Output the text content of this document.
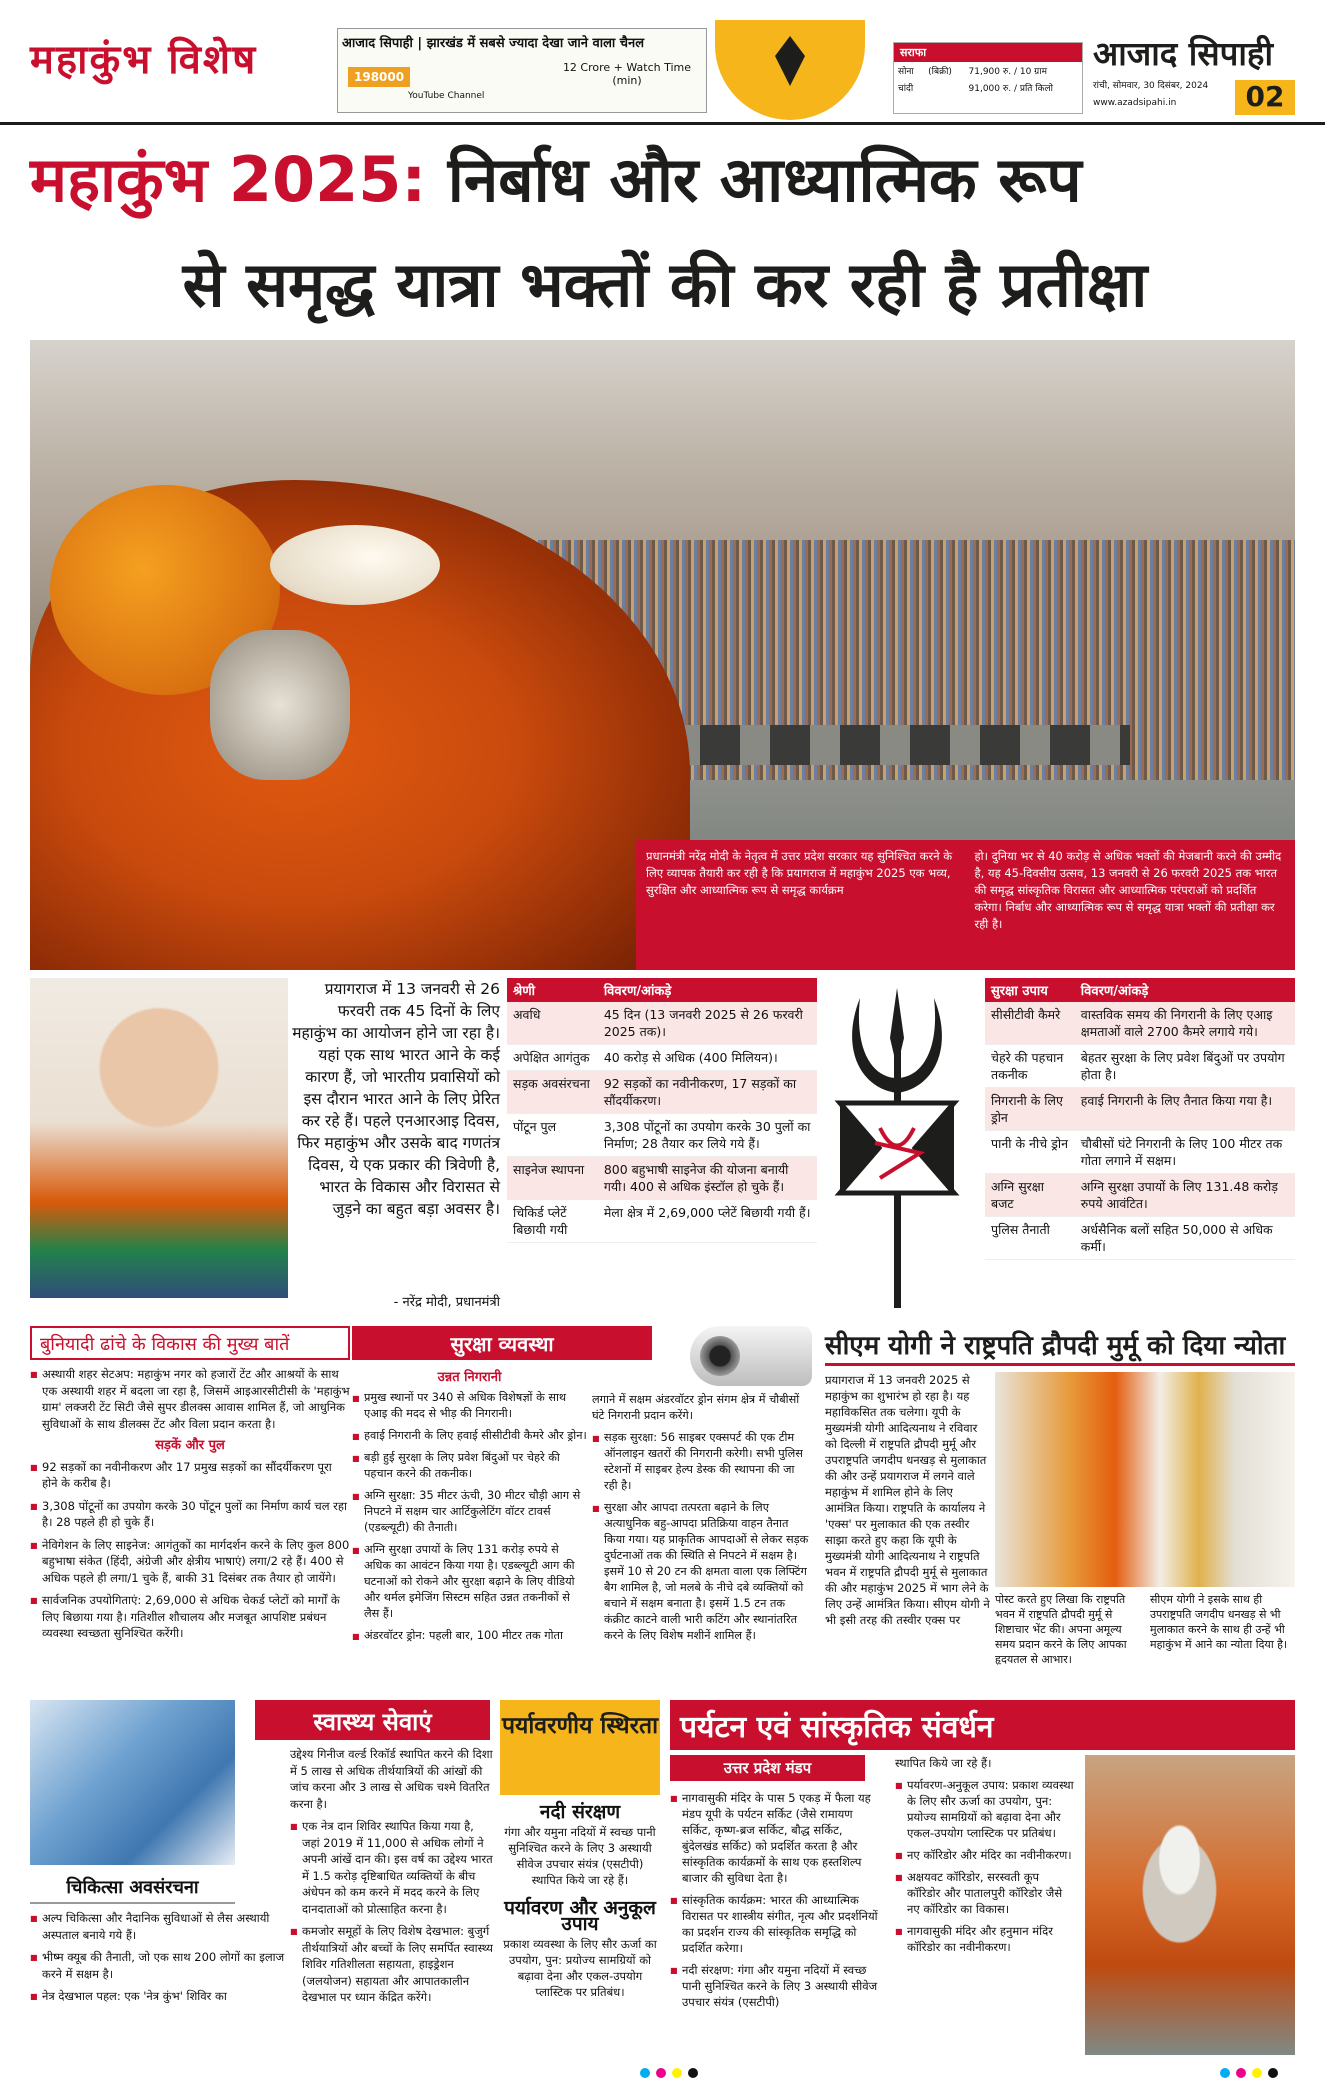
महाकुंभ विशेष	आजाद सिपाही | झारखंड में सबसे ज्यादा देखा जाने वाला चैनल
198000
12 Crore + Watch Time (min)
YouTube Channel
सराफा
सोना	(बिक्री)	71,900 रु. / 10 ग्राम
चांदी		91,000 रु. / प्रति किलो
आजाद सिपाही
रांची, सोमवार, 30 दिसंबर, 2024
www.azadsipahi.in	02
महाकुंभ 2025: निर्बाध और आध्यात्मिक रूप
से समृद्ध यात्रा भक्तों की कर रही है प्रतीक्षा
प्रधानमंत्री नरेंद्र मोदी के नेतृत्व में उत्तर प्रदेश सरकार यह सुनिश्चित करने के लिए व्यापक तैयारी कर रही है कि प्रयागराज में महाकुंभ 2025 एक भव्य, सुरक्षित और आध्यात्मिक रूप से समृद्ध कार्यक्रम
हो। दुनिया भर से 40 करोड़ से अधिक भक्तों की मेजबानी करने की उम्मीद है, यह 45-दिवसीय उत्सव, 13 जनवरी से 26 फरवरी 2025 तक भारत की समृद्ध सांस्कृतिक विरासत और आध्यात्मिक परंपराओं को प्रदर्शित करेगा। निर्बाध और आध्यात्मिक रूप से समृद्ध यात्रा भक्तों की प्रतीक्षा कर रही है।
प्रयागराज में 13 जनवरी से 26 फरवरी तक 45 दिनों के लिए महाकुंभ का आयोजन होने जा रहा है। यहां एक साथ भारत आने के कई कारण हैं, जो भारतीय प्रवासियों को इस दौरान भारत आने के लिए प्रेरित कर रहे हैं। पहले एनआरआइ दिवस, फिर महाकुंभ और उसके बाद गणतंत्र दिवस, ये एक प्रकार की त्रिवेणी है, भारत के विकास और विरासत से जुड़ने का बहुत बड़ा अवसर है।
- नरेंद्र मोदी, प्रधानमंत्री
श्रेणी	विवरण/आंकड़े
अवधि	45 दिन (13 जनवरी 2025 से 26 फरवरी 2025 तक)।
अपेक्षित आगंतुक	40 करोड़ से अधिक (400 मिलियन)।
सड़क अवसंरचना	92 सड़कों का नवीनीकरण, 17 सड़कों का सौंदर्यीकरण।
पोंटून पुल	3,308 पोंटूनों का उपयोग करके 30 पुलों का निर्माण; 28 तैयार कर लिये गये हैं।
साइनेज स्थापना	800 बहुभाषी साइनेज की योजना बनायी गयी। 400 से अधिक इंस्टॉल हो चुके हैं।
चिकिर्ड प्लेटें बिछायी गयी	मेला क्षेत्र में 2,69,000 प्लेटें बिछायी गयी हैं।
सुरक्षा उपाय	विवरण/आंकड़े
सीसीटीवी कैमरे	वास्तविक समय की निगरानी के लिए एआइ क्षमताओं वाले 2700 कैमरे लगाये गये।
चेहरे की पहचान तकनीक	बेहतर सुरक्षा के लिए प्रवेश बिंदुओं पर उपयोग होता है।
निगरानी के लिए ड्रोन	हवाई निगरानी के लिए तैनात किया गया है।
पानी के नीचे ड्रोन	चौबीसों घंटे निगरानी के लिए 100 मीटर तक गोता लगाने में सक्षम।
अग्नि सुरक्षा बजट	अग्नि सुरक्षा उपायों के लिए 131.48 करोड़ रुपये आवंटित।
पुलिस तैनाती	अर्धसैनिक बलों सहित 50,000 से अधिक कर्मी।
बुनियादी ढांचे के विकास की मुख्य बातें
■ अस्थायी शहर सेटअप: महाकुंभ नगर को हजारों टेंट और आश्रयों के साथ एक अस्थायी शहर में बदला जा रहा है, जिसमें आइआरसीटीसी के 'महाकुंभ ग्राम' लक्जरी टेंट सिटी जैसे सुपर डीलक्स आवास शामिल हैं, जो आधुनिक सुविधाओं के साथ डीलक्स टेंट और विला प्रदान करता है।
सड़कें और पुल
■ 92 सड़कों का नवीनीकरण और 17 प्रमुख सड़कों का सौंदर्यीकरण पूरा होने के करीब है।
■ 3,308 पोंटूनों का उपयोग करके 30 पोंटून पुलों का निर्माण कार्य चल रहा है। 28 पहले ही हो चुके हैं।
■ नेविगेशन के लिए साइनेज: आगंतुकों का मार्गदर्शन करने के लिए कुल 800 बहुभाषा संकेत (हिंदी, अंग्रेजी और क्षेत्रीय भाषाएं) लगा/2 रहे हैं। 400 से अधिक पहले ही लगा/1 चुके हैं, बाकी 31 दिसंबर तक तैयार हो जायेंगे।
■ सार्वजनिक उपयोगिताएं: 2,69,000 से अधिक चेकर्ड प्लेटों को मार्गों के लिए बिछाया गया है। गतिशील शौचालय और मजबूत आपशिष्ट प्रबंधन व्यवस्था स्वच्छता सुनिश्चित करेंगी।
सुरक्षा व्यवस्था
उन्नत निगरानी
■ प्रमुख स्थानों पर 340 से अधिक विशेषज्ञों के साथ एआइ की मदद से भीड़ की निगरानी।
■ हवाई निगरानी के लिए हवाई सीसीटीवी कैमरे और ड्रोन।
■ बड़ी हुई सुरक्षा के लिए प्रवेश बिंदुओं पर चेहरे की पहचान करने की तकनीक।
■ अग्नि सुरक्षा: 35 मीटर ऊंची, 30 मीटर चौड़ी आग से निपटने में सक्षम चार आर्टिकुलेटिंग वॉटर टावर्स (एडब्ल्यूटी) की तैनाती।
■ अग्नि सुरक्षा उपायों के लिए 131 करोड़ रुपये से अधिक का आवंटन किया गया है। एडब्ल्यूटी आग की घटनाओं को रोकने और सुरक्षा बढ़ाने के लिए वीडियो और थर्मल इमेजिंग सिस्टम सहित उन्नत तकनीकों से लैस हैं।
■ अंडरवॉटर ड्रोन: पहली बार, 100 मीटर तक गोता
लगाने में सक्षम अंडरवॉटर ड्रोन संगम क्षेत्र में चौबीसों घंटे निगरानी प्रदान करेंगे।
■ सड़क सुरक्षा: 56 साइबर एक्सपर्ट की एक टीम ऑनलाइन खतरों की निगरानी करेगी। सभी पुलिस स्टेशनों में साइबर हेल्प डेस्क की स्थापना की जा रही है।
■ सुरक्षा और आपदा तत्परता बढ़ाने के लिए अत्याधुनिक बहु-आपदा प्रतिक्रिया वाहन तैनात किया गया। यह प्राकृतिक आपदाओं से लेकर सड़क दुर्घटनाओं तक की स्थिति से निपटने में सक्षम है। इसमें 10 से 20 टन की क्षमता वाला एक लिफ्टिंग बैग शामिल है, जो मलबे के नीचे दबे व्यक्तियों को बचाने में सक्षम बनाता है। इसमें 1.5 टन तक कंक्रीट काटने वाली भारी कटिंग और स्थानांतरित करने के लिए विशेष मशीनें शामिल हैं।
सीएम योगी ने राष्ट्रपति द्रौपदी मुर्मू को दिया न्योता
प्रयागराज में 13 जनवरी 2025 से महाकुंभ का शुभारंभ हो रहा है। यह महाविकसित तक चलेगा। यूपी के मुख्यमंत्री योगी आदित्यनाथ ने रविवार को दिल्ली में राष्ट्रपति द्रौपदी मुर्मू और उपराष्ट्रपति जगदीप धनखड़ से मुलाकात की और उन्हें प्रयागराज में लगने वाले महाकुंभ में शामिल होने के लिए आमंत्रित किया। राष्ट्रपति के कार्यालय ने 'एक्स' पर मुलाकात की एक तस्वीर साझा करते हुए कहा कि यूपी के मुख्यमंत्री योगी आदित्यनाथ ने राष्ट्रपति भवन में राष्ट्रपति द्रौपदी मुर्मू से मुलाकात की और महाकुंभ 2025 में भाग लेने के लिए उन्हें आमंत्रित किया। सीएम योगी ने भी इसी तरह की तस्वीर एक्स पर
पोस्ट करते हुए लिखा कि राष्ट्रपति भवन में राष्ट्रपति द्रौपदी मुर्मू से शिष्टाचार भेंट की। अपना अमूल्य समय प्रदान करने के लिए आपका हृदयतल से आभार।
सीएम योगी ने इसके साथ ही उपराष्ट्रपति जगदीप धनखड़ से भी मुलाकात करने के साथ ही उन्हें भी महाकुंभ में आने का न्योता दिया है।
स्वास्थ्य सेवाएं
उद्देश्य गिनीज वर्ल्ड रिकॉर्ड स्थापित करने की दिशा में 5 लाख से अधिक तीर्थयात्रियों की आंखों की जांच करना और 3 लाख से अधिक चश्मे वितरित करना है।
■ एक नेत्र दान शिविर स्थापित किया गया है, जहां 2019 में 11,000 से अधिक लोगों ने अपनी आंखें दान की। इस वर्ष का उद्देश्य भारत में 1.5 करोड़ दृष्टिबाधित व्यक्तियों के बीच अंधेपन को कम करने में मदद करने के लिए दानदाताओं को प्रोत्साहित करना है।
■ कमजोर समूहों के लिए विशेष देखभाल: बुजुर्ग तीर्थयात्रियों और बच्चों के लिए समर्पित स्वास्थ्य शिविर गतिशीलता सहायता, हाइड्रेशन (जलयोजन) सहायता और आपातकालीन देखभाल पर ध्यान केंद्रित करेंगे।
चिकित्सा अवसंरचना
■ अल्प चिकित्सा और नैदानिक सुविधाओं से लैस अस्थायी अस्पताल बनाये गये हैं।
■ भीष्म क्यूब की तैनाती, जो एक साथ 200 लोगों का इलाज करने में सक्षम है।
■ नेत्र देखभाल पहल: एक 'नेत्र कुंभ' शिविर का
पर्यावरणीय स्थिरता
नदी संरक्षण
गंगा और यमुना नदियों में स्वच्छ पानी सुनिश्चित करने के लिए 3 अस्थायी सीवेज उपचार संयंत्र (एसटीपी) स्थापित किये जा रहे हैं।
पर्यावरण और अनुकूल उपाय
प्रकाश व्यवस्था के लिए सौर ऊर्जा का उपयोग, पुन: प्रयोज्य सामग्रियों को बढ़ावा देना और एकल-उपयोग प्लास्टिक पर प्रतिबंध।
पर्यटन एवं सांस्कृतिक संवर्धन
उत्तर प्रदेश मंडप
■ नागवासुकी मंदिर के पास 5 एकड़ में फैला यह मंडप यूपी के पर्यटन सर्किट (जैसे रामायण सर्किट, कृष्ण-ब्रज सर्किट, बौद्ध सर्किट, बुंदेलखंड सर्किट) को प्रदर्शित करता है और सांस्कृतिक कार्यक्रमों के साथ एक हस्तशिल्प बाजार की सुविधा देता है।
■ सांस्कृतिक कार्यक्रम: भारत की आध्यात्मिक विरासत पर शास्त्रीय संगीत, नृत्य और प्रदर्शनियों का प्रदर्शन राज्य की सांस्कृतिक समृद्धि को प्रदर्शित करेगा।
■ नदी संरक्षण: गंगा और यमुना नदियों में स्वच्छ पानी सुनिश्चित करने के लिए 3 अस्थायी सीवेज उपचार संयंत्र (एसटीपी)
स्थापित किये जा रहे हैं।
■ पर्यावरण-अनुकूल उपाय: प्रकाश व्यवस्था के लिए सौर ऊर्जा का उपयोग, पुन: प्रयोज्य सामग्रियों को बढ़ावा देना और एकल-उपयोग प्लास्टिक पर प्रतिबंध।
■ नए कॉरिडोर और मंदिर का नवीनीकरण।
■ अक्षयवट कॉरिडोर, सरस्वती कूप कॉरिडोर और पातालपुरी कॉरिडोर जैसे नए कॉरिडोर का विकास।
■ नागवासुकी मंदिर और हनुमान मंदिर कॉरिडोर का नवीनीकरण।
